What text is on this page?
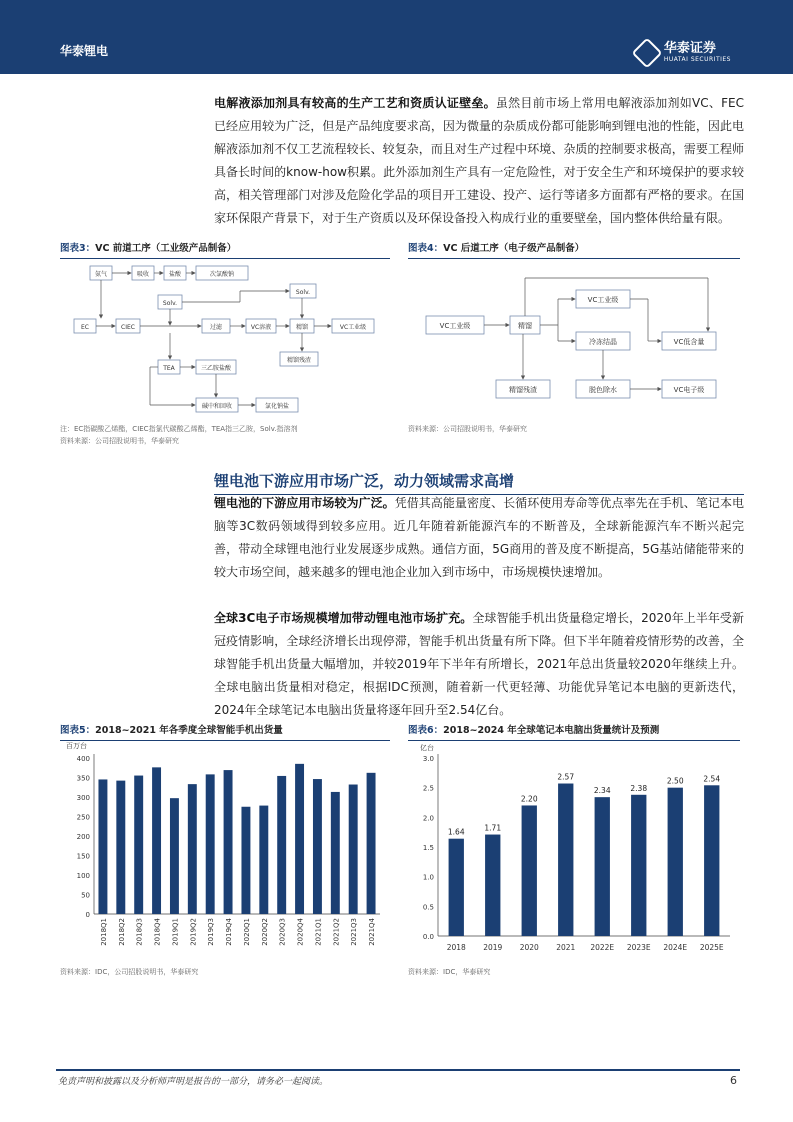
华泰锂电	华泰证券
HUATAI SECURITIES
电解液添加剂具有较高的生产工艺和资质认证壁垒。虽然目前市场上常用电解液添加剂如VC、FEC已经应用较为广泛，但是产品纯度要求高，因为微量的杂质成份都可能影响到锂电池的性能，因此电解液添加剂不仅工艺流程较长、较复杂，而且对生产过程中环境、杂质的控制要求极高，需要工程师具备长时间的know-how积累。此外添加剂生产具有一定危险性，对于安全生产和环境保护的要求较高，相关管理部门对涉及危险化学品的项目开工建设、投产、运行等诸多方面都有严格的要求。在国家环保限产背景下，对于生产资质以及环保设备投入构成行业的重要壁垒，国内整体供给量有限。
图表3：VC 前道工序（工业级产品制备）
氨气	吸收	盐酸	次氯酸钠
Solv.
Solv.
EC	CIEC	过滤	VC溶液	精馏	VC工业级
TEA	三乙胺盐酸
精馏残渣
碱中和回收	氯化钠盐
注：EC指碳酸乙烯酯，CIEC指氯代碳酸乙烯酯，TEA指三乙胺，Solv.指溶剂
资料来源：公司招股说明书，华泰研究
图表4：VC 后道工序（电子级产品制备）
VC工业级	精馏
VC工业级
冷冻结晶	VC低含量
精馏残渣	脱色除水	VC电子级
资料来源：公司招股说明书，华泰研究
锂电池下游应用市场广泛，动力领域需求高增
锂电池的下游应用市场较为广泛。凭借其高能量密度、长循环使用寿命等优点率先在手机、笔记本电脑等3C数码领域得到较多应用。近几年随着新能源汽车的不断普及，全球新能源汽车不断兴起完善，带动全球锂电池行业发展逐步成熟。通信方面，5G商用的普及度不断提高，5G基站储能带来的较大市场空间，越来越多的锂电池企业加入到市场中，市场规模快速增加。
全球3C电子市场规模增加带动锂电池市场扩充。全球智能手机出货量稳定增长，2020年上半年受新冠疫情影响，全球经济增长出现停滞，智能手机出货量有所下降。但下半年随着疫情形势的改善，全球智能手机出货量大幅增加，并较2019年下半年有所增长，2021年总出货量较2020年继续上升。全球电脑出货量相对稳定，根据IDC预测，随着新一代更轻薄、功能优异笔记本电脑的更新迭代，2024年全球笔记本电脑出货量将逐年回升至2.54亿台。
图表5：2018~2021 年各季度全球智能手机出货量
百万台
0
50
100
150
200
250
300
350
400
2018Q1 2018Q2 2018Q3 2018Q4 2019Q1 2019Q2 2019Q3 2019Q4 2020Q1 2020Q2 2020Q3 2020Q4 2021Q1 2021Q2 2021Q3 2021Q4
资料来源：IDC，公司招股说明书，华泰研究
图表6：2018~2024 年全球笔记本电脑出货量统计及预测
亿台
0.0
0.5
1.0
1.5
2.0
2.5
3.0
1.64
2018
1.71
2019
2.20
2020
2.57
2021
2.34
2022E
2.38
2023E
2.50
2024E
2.54
2025E
资料来源：IDC，华泰研究
免责声明和披露以及分析师声明是报告的一部分，请务必一起阅读。	6
